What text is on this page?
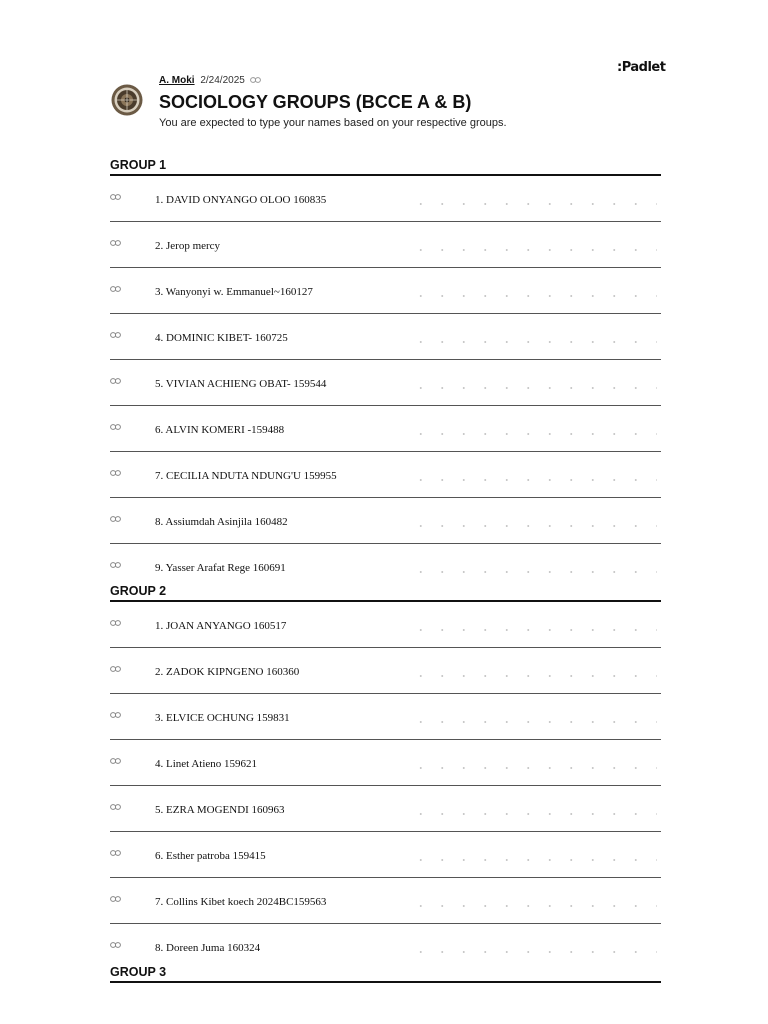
:Padlet
A. Moki 2/24/2025
SOCIOLOGY GROUPS (BCCE A & B)
You are expected to type your names based on your respective groups.
GROUP 1
1. DAVID ONYANGO OLOO 160835
2. Jerop mercy
3. Wanyonyi w. Emmanuel~160127
4. DOMINIC KIBET- 160725
5. VIVIAN ACHIENG OBAT- 159544
6. ALVIN KOMERI -159488
7. CECILIA NDUTA NDUNG'U 159955
8. Assiumdah Asinjila 160482
9. Yasser Arafat Rege 160691
GROUP 2
1. JOAN ANYANGO 160517
2. ZADOK KIPNGENO 160360
3. ELVICE OCHUNG 159831
4. Linet Atieno 159621
5. EZRA MOGENDI 160963
6. Esther patroba 159415
7. Collins Kibet koech 2024BC159563
8. Doreen Juma 160324
GROUP 3
